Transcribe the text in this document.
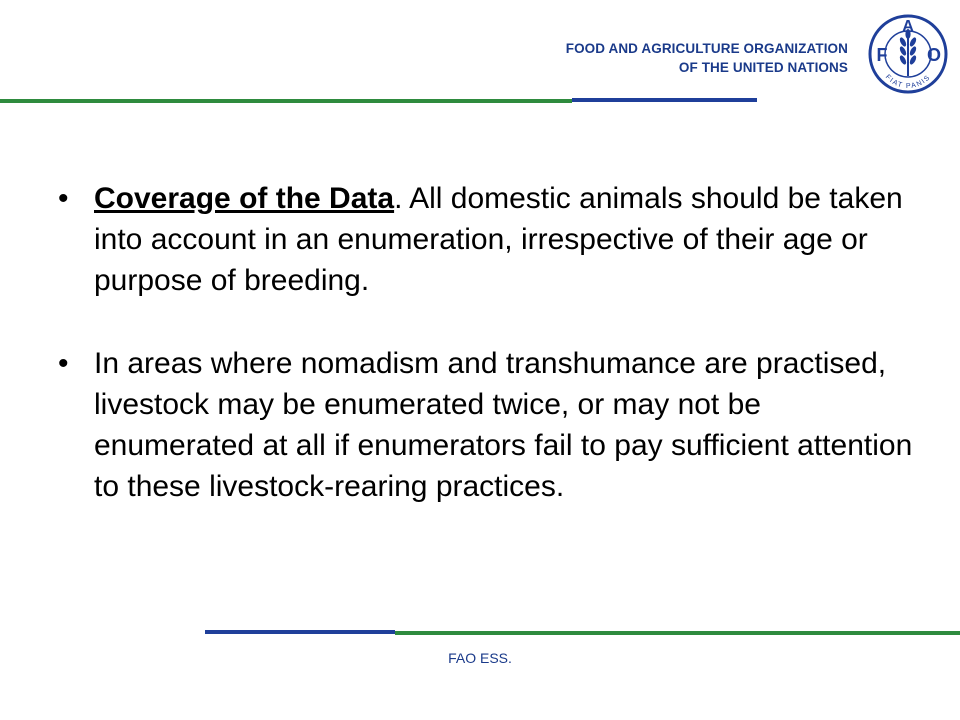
FOOD AND AGRICULTURE ORGANIZATION
OF THE UNITED NATIONS
F
A
O
FIAT PANIS
• Coverage of the Data. All domestic animals should be taken into account in an enumeration, irrespective of their age or purpose of breeding.
• In areas where nomadism and transhumance are practised, livestock may be enumerated twice, or may not be enumerated at all if enumerators fail to pay sufficient attention to these livestock-rearing practices.
FAO ESS.
